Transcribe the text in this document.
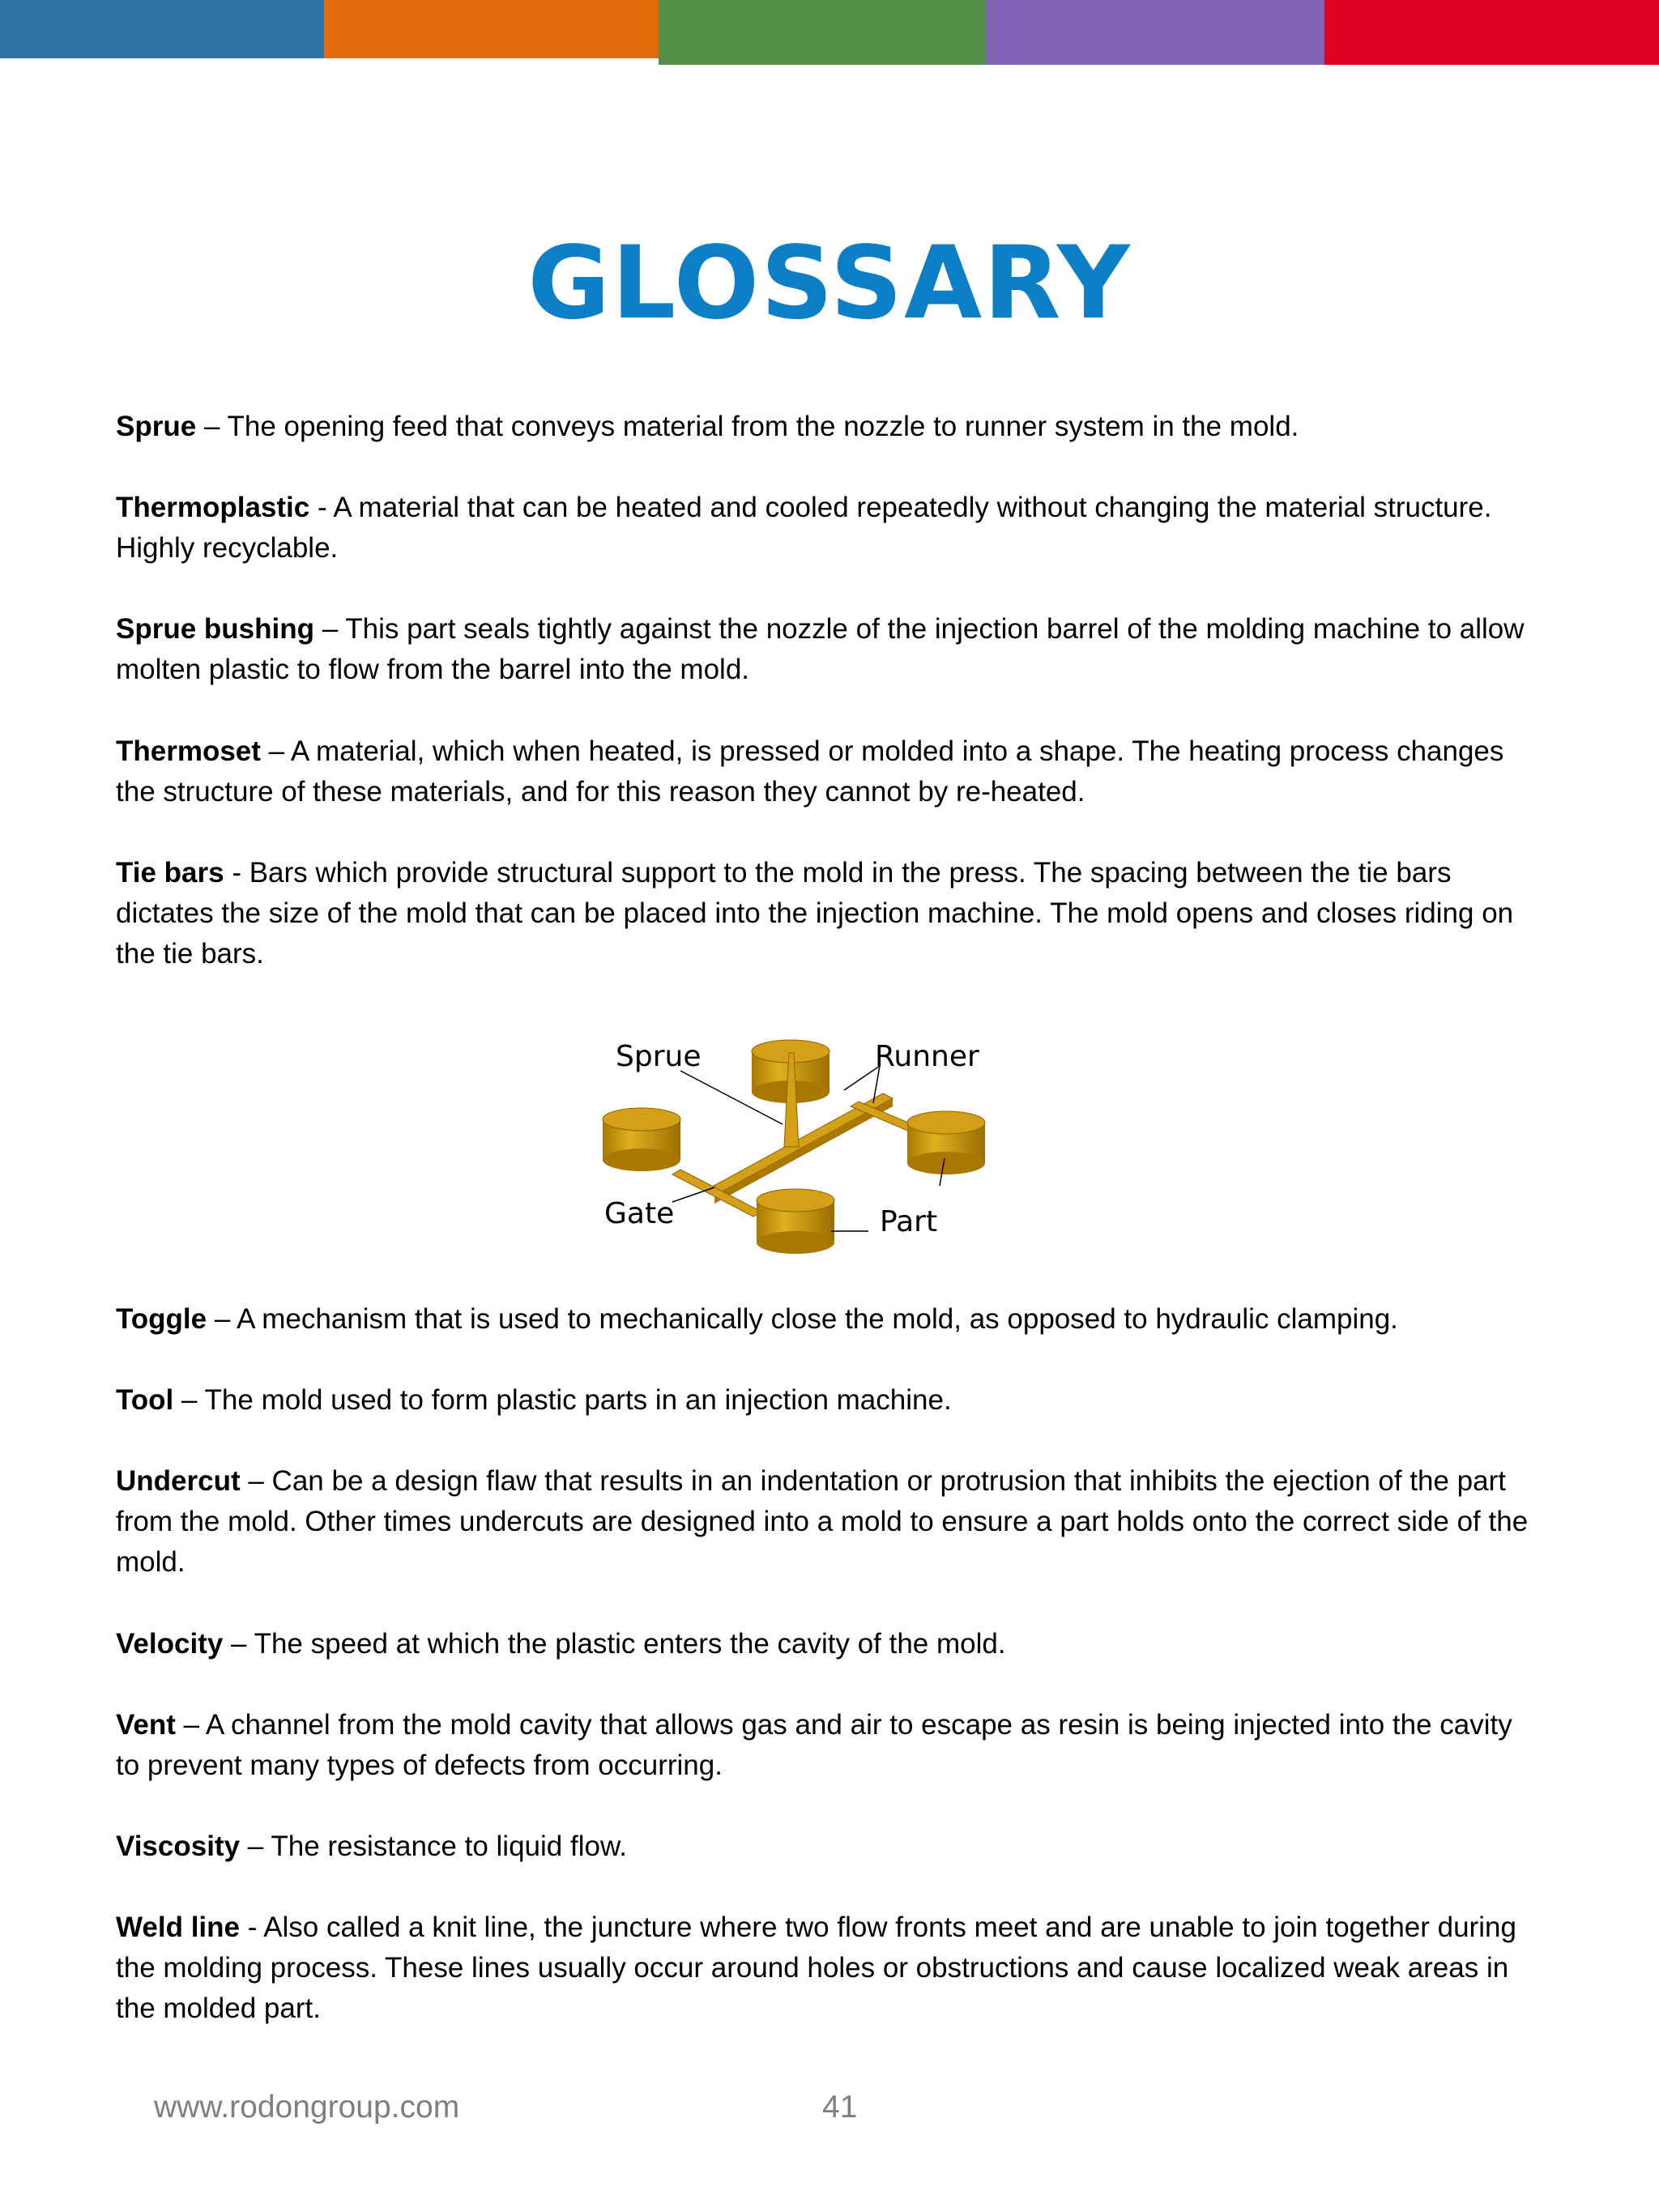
GLOSSARY
Sprue – The opening feed that conveys material from the nozzle to runner system in the mold.
Thermoplastic - A material that can be heated and cooled repeatedly without changing the material structure. Highly recyclable.
Sprue bushing – This part seals tightly against the nozzle of the injection barrel of the molding machine to allow molten plastic to flow from the barrel into the mold.
Thermoset – A material, which when heated, is pressed or molded into a shape. The heating process changes the structure of these materials, and for this reason they cannot by re-heated.
Tie bars - Bars which provide structural support to the mold in the press. The spacing between the tie bars dictates the size of the mold that can be placed into the injection machine. The mold opens and closes riding on the tie bars.
Sprue	Runner
Gate	Part
Toggle – A mechanism that is used to mechanically close the mold, as opposed to hydraulic clamping.
Tool – The mold used to form plastic parts in an injection machine.
Undercut – Can be a design flaw that results in an indentation or protrusion that inhibits the ejection of the part from the mold. Other times undercuts are designed into a mold to ensure a part holds onto the correct side of the mold.
Velocity – The speed at which the plastic enters the cavity of the mold.
Vent – A channel from the mold cavity that allows gas and air to escape as resin is being injected into the cavity to prevent many types of defects from occurring.
Viscosity – The resistance to liquid flow.
Weld line - Also called a knit line, the juncture where two flow fronts meet and are unable to join together during the molding process. These lines usually occur around holes or obstructions and cause localized weak areas in the molded part.
www.rodongroup.com	41
